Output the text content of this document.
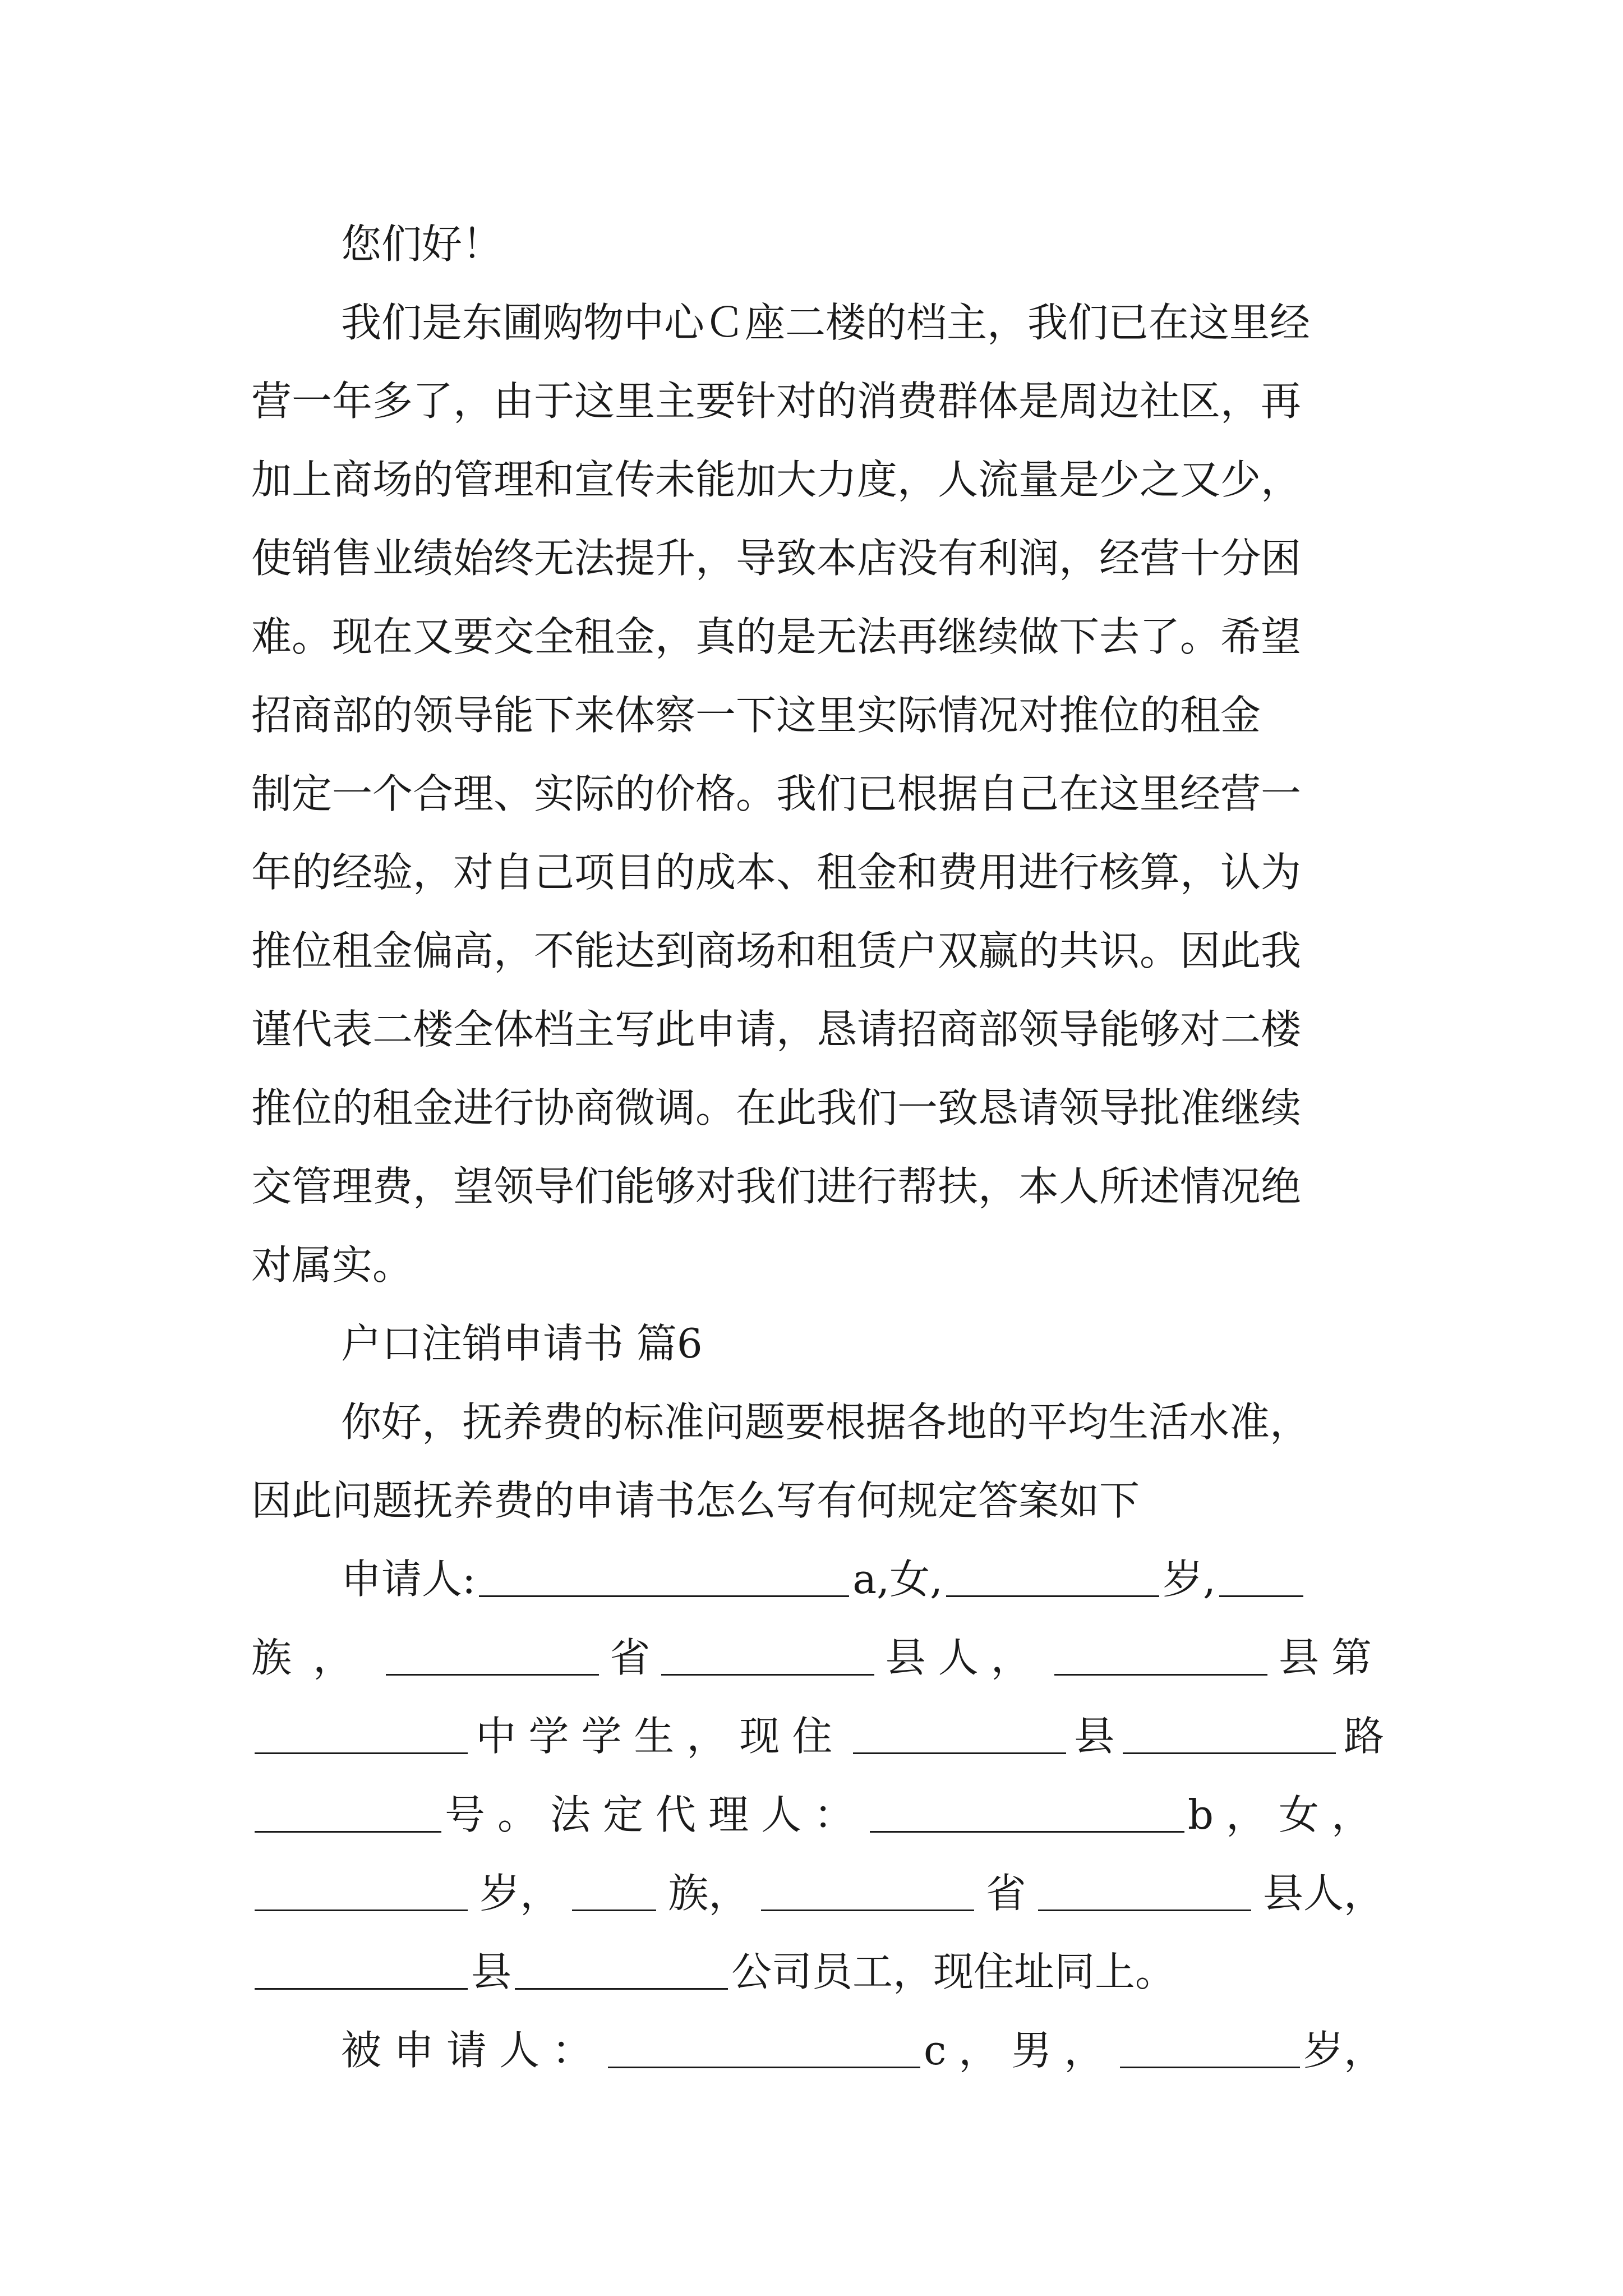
您们好！
我们是东圃购物中心Ｃ座二楼的档主，我们已在这里经
营一年多了，由于这里主要针对的消费群体是周边社区，再
加上商场的管理和宣传未能加大力度，人流量是少之又少，
使销售业绩始终无法提升，导致本店没有利润，经营十分困
难。现在又要交全租金，真的是无法再继续做下去了。希望
招商部的领导能下来体察一下这里实际情况对推位的租金
制定一个合理、实际的价格。我们已根据自己在这里经营一
年的经验，对自己项目的成本、租金和费用进行核算，认为
推位租金偏高，不能达到商场和租赁户双赢的共识。因此我
谨代表二楼全体档主写此申请，恳请招商部领导能够对二楼
推位的租金进行协商微调。在此我们一致恳请领导批准继续
交管理费，望领导们能够对我们进行帮扶，本人所述情况绝
对属实。
户口注销申请书 篇6
你好，抚养费的标准问题要根据各地的平均生活水准，
因此问题抚养费的申请书怎么写有何规定答案如下
申请人:	a,女,	岁,
族，	省	县人，	县第
中学学生，现住	县	路
号。法定代理人：	b，女，
岁，	族，	省	县人，
县	公司员工，现住址同上。
被申请人：	c，男，	岁，
